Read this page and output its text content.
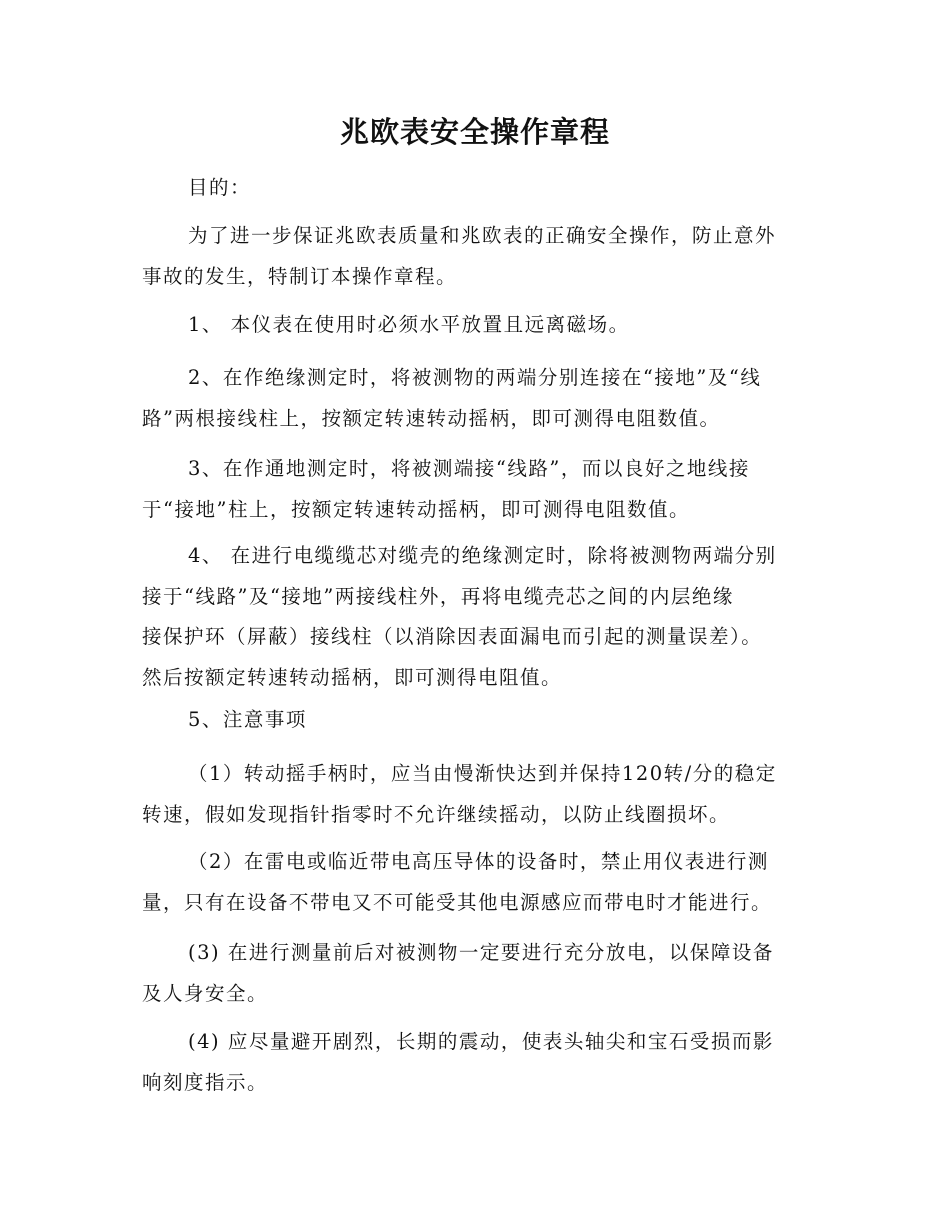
兆欧表安全操作章程

目的：

为了进一步保证兆欧表质量和兆欧表的正确安全操作，防止意外
事故的发生，特制订本操作章程。

1、 本仪表在使用时必须水平放置且远离磁场。

2、在作绝缘测定时，将被测物的两端分别连接在“接地”及“线
路”两根接线柱上，按额定转速转动摇柄，即可测得电阻数值。

3、在作通地测定时，将被测端接“线路”，而以良好之地线接
于“接地”柱上，按额定转速转动摇柄，即可测得电阻数值。

4、 在进行电缆缆芯对缆壳的绝缘测定时，除将被测物两端分别
接于“线路”及“接地”两接线柱外，再将电缆壳芯之间的内层绝缘
接保护环（屏蔽）接线柱（以消除因表面漏电而引起的测量误差）。
然后按额定转速转动摇柄，即可测得电阻值。

5、注意事项

（1）转动摇手柄时，应当由慢渐快达到并保持120转/分的稳定
转速，假如发现指针指零时不允许继续摇动，以防止线圈损坏。

（2）在雷电或临近带电高压导体的设备时，禁止用仪表进行测
量，只有在设备不带电又不可能受其他电源感应而带电时才能进行。

(3) 在进行测量前后对被测物一定要进行充分放电，以保障设备
及人身安全。

(4) 应尽量避开剧烈，长期的震动，使表头轴尖和宝石受损而影
响刻度指示。
